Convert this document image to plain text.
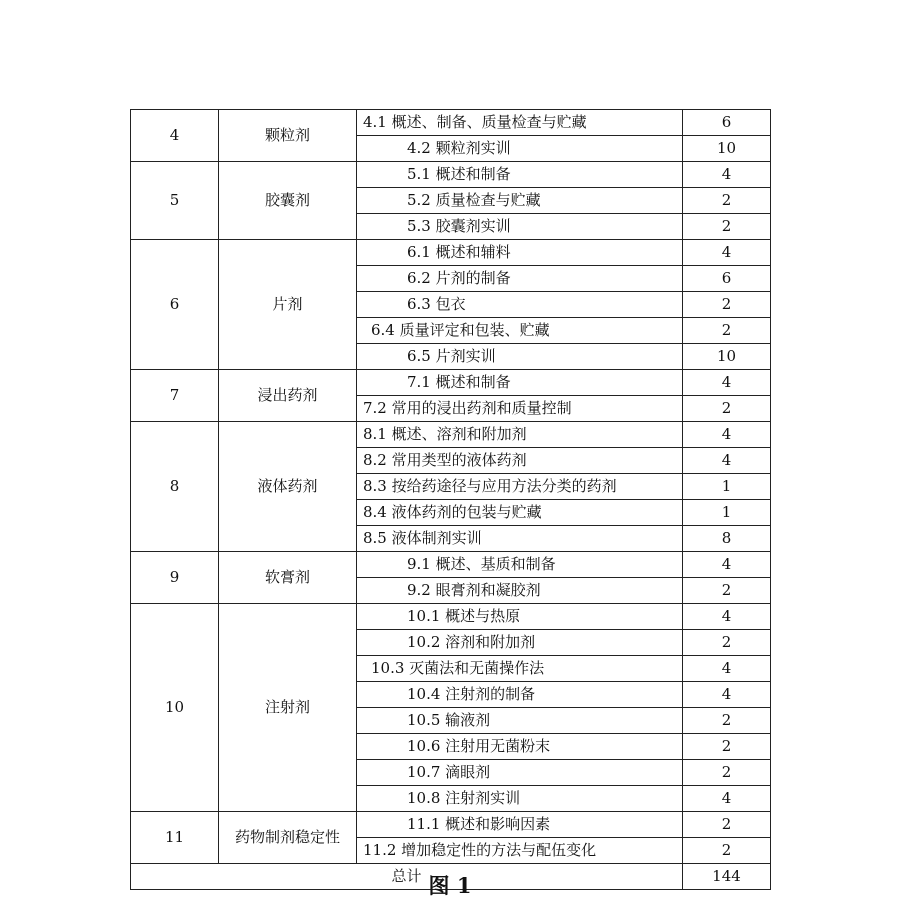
4	颗粒剂	4.1 概述、制备、质量检查与贮藏	6
		4.2 颗粒剂实训	10
5	胶囊剂	5.1 概述和制备	4
		5.2 质量检查与贮藏	2
		5.3 胶囊剂实训	2
6	片剂	6.1 概述和辅料	4
		6.2 片剂的制备	6
		6.3 包衣	2
		6.4 质量评定和包装、贮藏	2
		6.5 片剂实训	10
7	浸出药剂	7.1 概述和制备	4
		7.2 常用的浸出药剂和质量控制	2
8	液体药剂	8.1 概述、溶剂和附加剂	4
		8.2 常用类型的液体药剂	4
		8.3 按给药途径与应用方法分类的药剂	1
		8.4 液体药剂的包装与贮藏	1
		8.5 液体制剂实训	8
9	软膏剂	9.1 概述、基质和制备	4
		9.2 眼膏剂和凝胶剂	2
10	注射剂	10.1 概述与热原	4
		10.2 溶剂和附加剂	2
		10.3 灭菌法和无菌操作法	4
		10.4 注射剂的制备	4
		10.5 输液剂	2
		10.6 注射用无菌粉末	2
		10.7 滴眼剂	2
		10.8 注射剂实训	4
11	药物制剂稳定性	11.1 概述和影响因素	2
		11.2 增加稳定性的方法与配伍变化	2
总计			144
图 1
